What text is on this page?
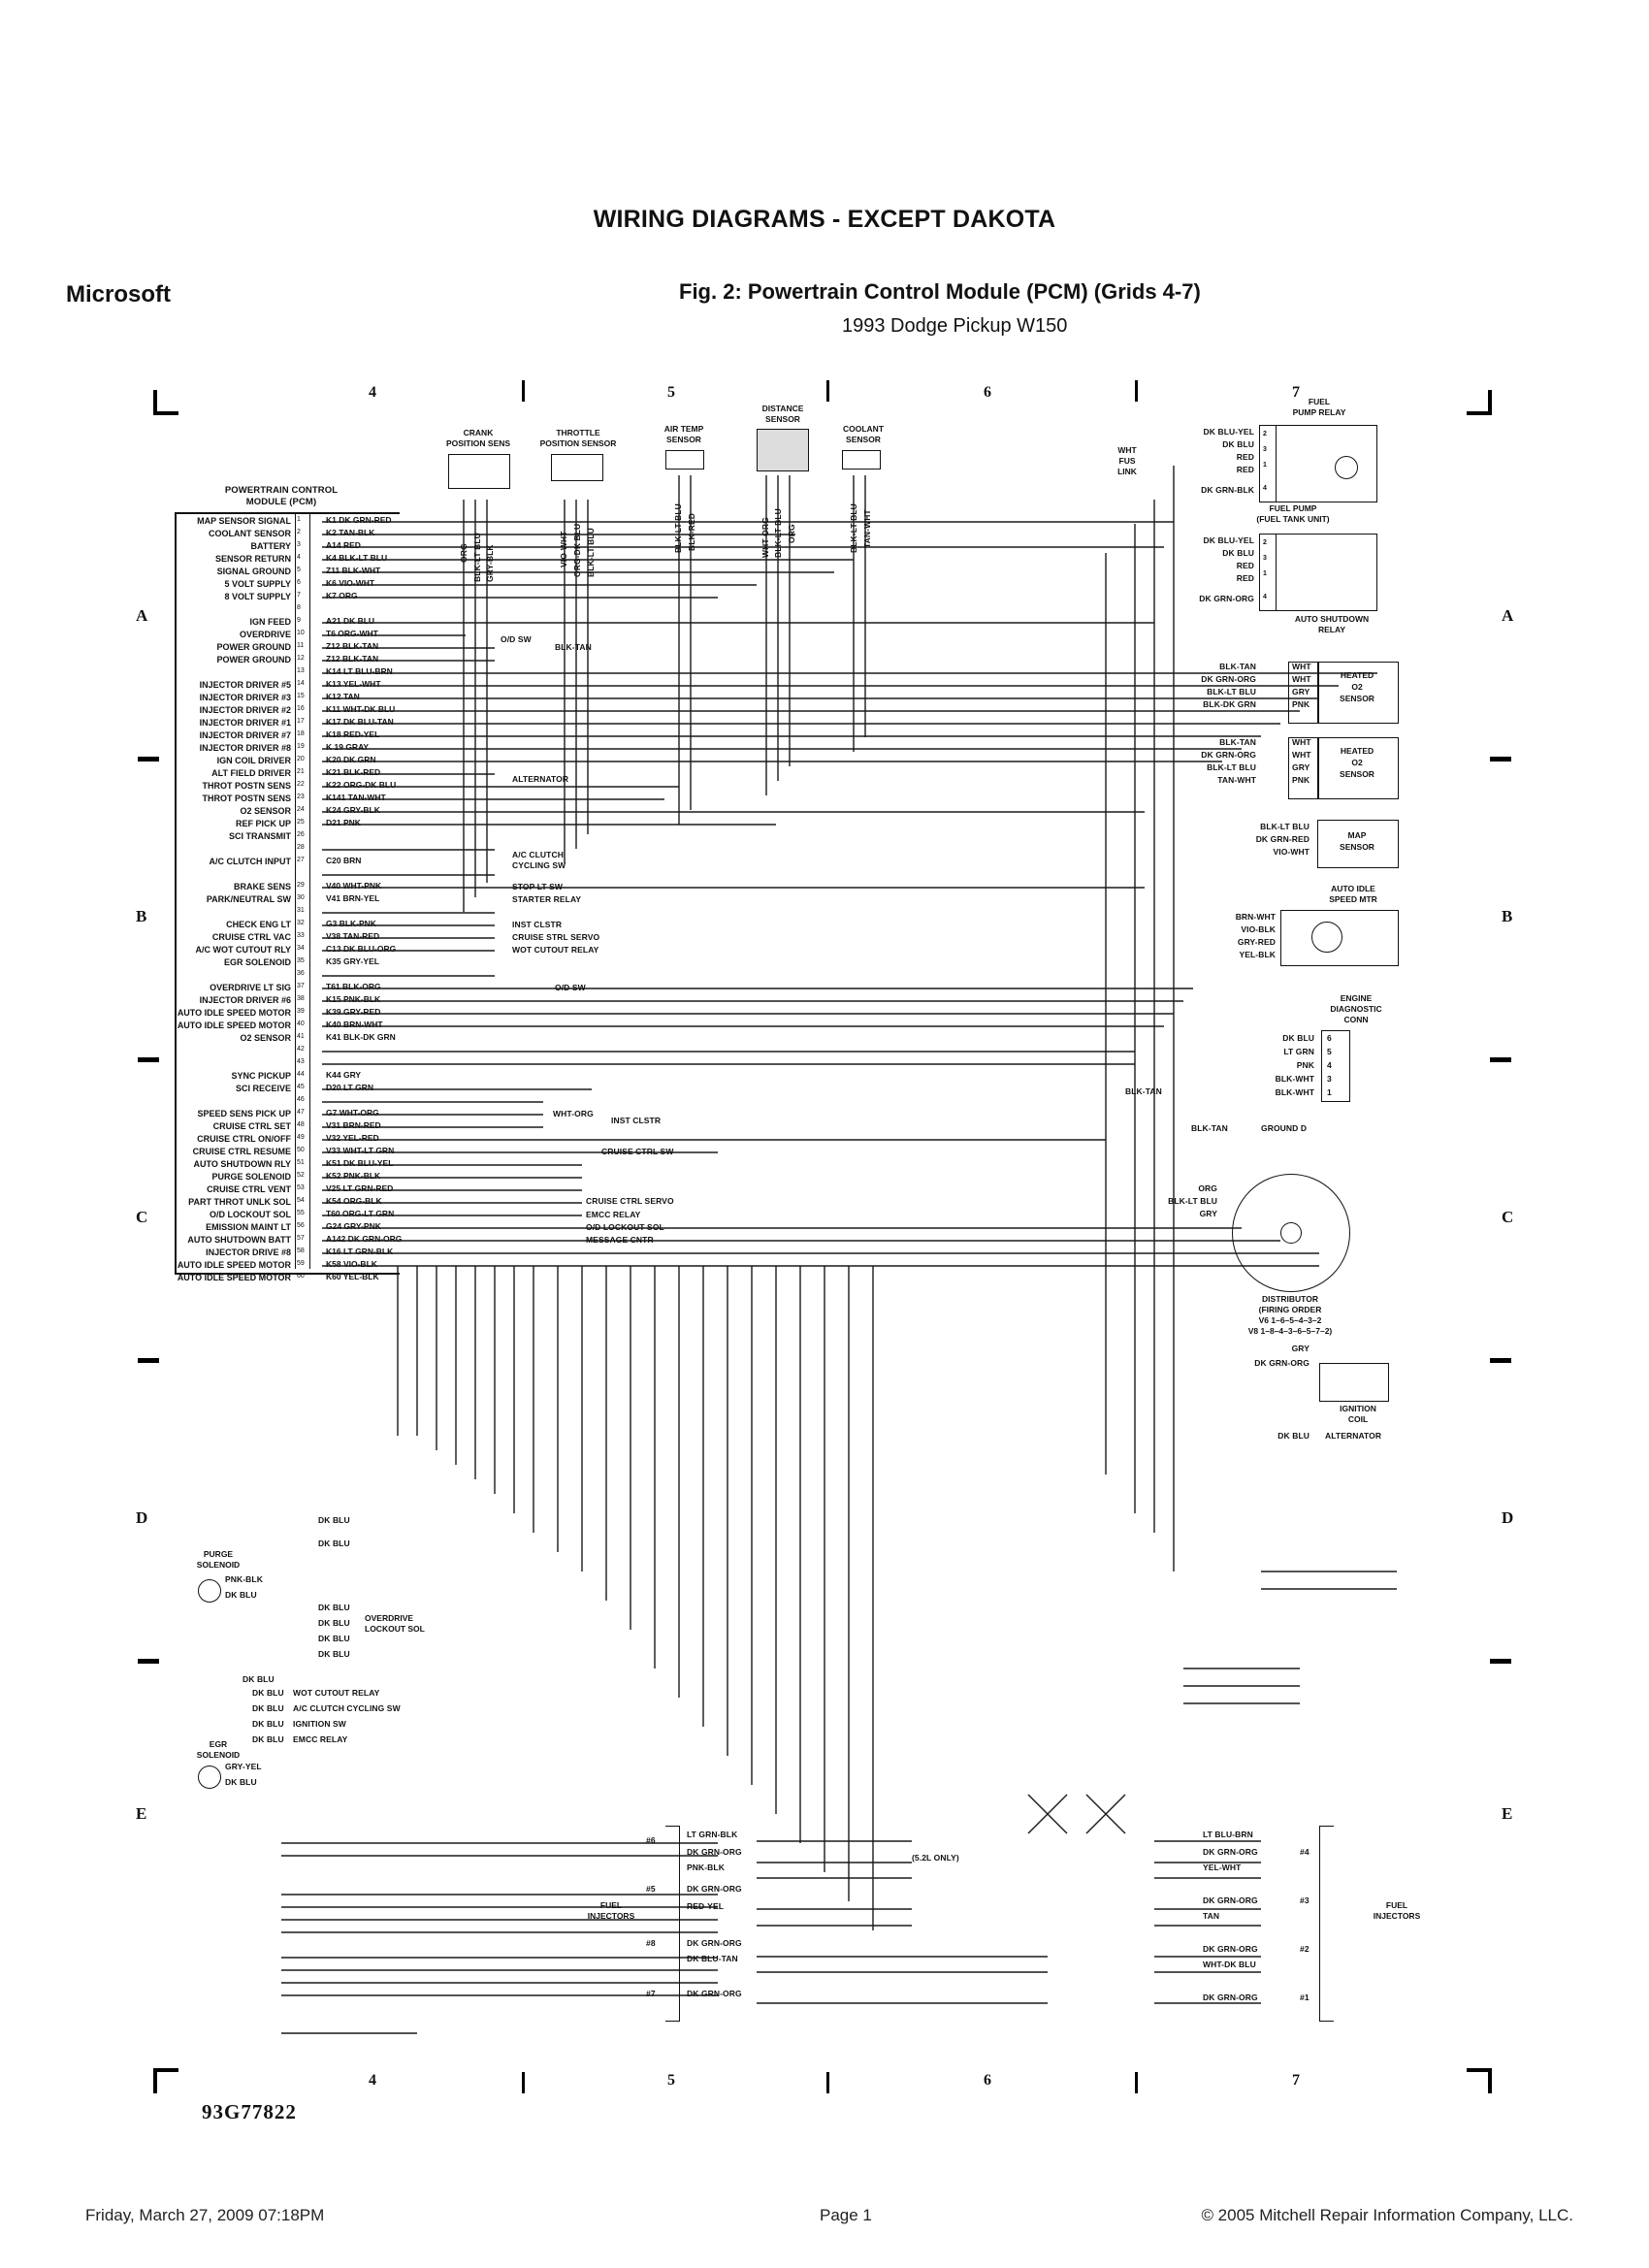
WIRING DIAGRAMS - EXCEPT DAKOTA
Microsoft	Fig. 2: Powertrain Control Module (PCM) (Grids 4-7)
1993 Dodge Pickup W150
4	5	6	7
4	5	6	7
A
B
C
D
E
A
B
C
D
E
POWERTRAIN CONTROL
MODULE (PCM)
MAP SENSOR SIGNAL 1	K1 DK GRN-RED
COOLANT SENSOR 2	K2 TAN-BLK
BATTERY 3	A14 RED
SENSOR RETURN 4	K4 BLK-LT BLU
SIGNAL GROUND 5	Z11 BLK-WHT
5 VOLT SUPPLY 6	K6 VIO-WHT
8 VOLT SUPPLY 7	K7 ORG
8
IGN FEED 9	A21 DK BLU
OVERDRIVE 10	T6 ORG-WHT
POWER GROUND 11	Z12 BLK-TAN
POWER GROUND 12	Z12 BLK-TAN
13	K14 LT BLU-BRN
INJECTOR DRIVER #5 14	K13 YEL-WHT
INJECTOR DRIVER #3 15	K12 TAN
INJECTOR DRIVER #2 16	K11 WHT-DK BLU
INJECTOR DRIVER #1 17	K17 DK BLU-TAN
INJECTOR DRIVER #7 18	K18 RED-YEL
INJECTOR DRIVER #8 19	K 19 GRAY
IGN COIL DRIVER 20	K20 DK GRN
ALT FIELD DRIVER 21	K21 BLK-RED
THROT POSTN SENS 22	K22 ORG-DK BLU
THROT POSTN SENS 23	K141 TAN-WHT
O2 SENSOR 24	K24 GRY-BLK
REF PICK UP 25	D21 PNK
SCI TRANSMIT 26
A/C CLUTCH INPUT 27	C20 BRN
28
BRAKE SENS 29	V40 WHT-PNK
PARK/NEUTRAL SW 30	V41 BRN-YEL
31
CHECK ENG LT 32	G3 BLK-PNK
CRUISE CTRL VAC 33	V38 TAN-RED
A/C WOT CUTOUT RLY 34	C13 DK BLU-ORG
EGR SOLENOID 35	K35 GRY-YEL
36
OVERDRIVE LT SIG 37	T61 BLK-ORG
INJECTOR DRIVER #6 38	K15 PNK-BLK
AUTO IDLE SPEED MOTOR 39	K39 GRY-RED
AUTO IDLE SPEED MOTOR 40	K40 BRN-WHT
O2 SENSOR 41	K41 BLK-DK GRN
42
43
SYNC PICKUP 44	K44 GRY
SCI RECEIVE 45	D20 LT GRN
46
SPEED SENS PICK UP 47	G7 WHT-ORG
CRUISE CTRL SET 48	V31 BRN-RED
CRUISE CTRL ON/OFF 49	V32 YEL-RED
CRUISE CTRL RESUME 50	V33 WHT-LT GRN
AUTO SHUTDOWN RLY 51	K51 DK BLU-YEL
PURGE SOLENOID 52	K52 PNK-BLK
CRUISE CTRL VENT 53	V25 LT GRN-RED
PART THROT UNLK SOL 54	K54 ORG-BLK
O/D LOCKOUT SOL 55	T60 ORG-LT GRN
EMISSION MAINT LT 56	G24 GRY-PNK
AUTO SHUTDOWN BATT 57	A142 DK GRN-ORG
INJECTOR DRIVE #8 58	K16 LT GRN-BLK
AUTO IDLE SPEED MOTOR 59	K58 VIO-BLK
AUTO IDLE SPEED MOTOR 60	K60 YEL-BLK
CRANK
POSITION SENS
ORG BLK-LT BLU GRY-BLK
THROTTLE
POSITION SENSOR
VIO-WHT ORG-DK BLU BLK-LT BLU
AIR TEMP
SENSOR
BLK-LT BLU BLK-RED
DISTANCE
SENSOR
WHT-ORG BLK-LT BLU ORG
COOLANT
SENSOR
BLK-LT BLU TAN-WHT
FUEL
PUMP RELAY
2
3
1
4
DK BLU-YEL
DK BLU
RED
RED
DK GRN-BLK
WHT
FUS
LINK
FUEL PUMP
(FUEL TANK UNIT)
2
3
1
4
DK BLU-YEL
DK BLU
RED
RED
DK GRN-ORG
AUTO SHUTDOWN
RELAY
HEATED
O2
SENSOR
BLK-TAN
DK GRN-ORG
BLK-LT BLU
BLK-DK GRN
WHT
WHT
GRY
PNK
HEATED
O2
SENSOR
BLK-TAN
DK GRN-ORG
BLK-LT BLU
TAN-WHT
WHT
WHT
GRY
PNK
MAP
SENSOR
BLK-LT BLU
DK GRN-RED
VIO-WHT
AUTO IDLE
SPEED MTR
BRN-WHT
VIO-BLK
GRY-RED
YEL-BLK
ENGINE
DIAGNOSTIC
CONN
6
5
4
3
1
DK BLU
LT GRN
PNK
BLK-WHT
BLK-WHT
BLK-TAN
BLK-TAN	GROUND D
DISTRIBUTOR
(FIRING ORDER
V6 1–6–5–4–3–2
V8 1–8–4–3–6–5–7–2)
ORG
BLK-LT BLU
GRY
IGNITION
COIL
GRY
DK GRN-ORG
DK BLU ALTERNATOR
O/D SW
BLK-TAN
ALTERNATOR
A/C CLUTCH
CYCLING SW
STOP LT SW
STARTER RELAY
INST CLSTR
CRUISE STRL SERVO
WOT CUTOUT RELAY
O/D SW
WHT-ORG
INST CLSTR
CRUISE CTRL SW
CRUISE CTRL SERVO
EMCC RELAY
O/D LOCKOUT SOL
MESSAGE CNTR
(5.2L ONLY)
PURGE
SOLENOID
PNK-BLK
DK BLU
DK BLU
DK BLU
DK BLU
DK BLU
DK BLU
DK BLU
OVERDRIVE
LOCKOUT SOL
DK BLU
DK BLU
DK BLU
DK BLU
DK BLU
WOT CUTOUT RELAY
A/C CLUTCH CYCLING SW
IGNITION SW
EMCC RELAY
EGR
SOLENOID
GRY-YEL
DK BLU
FUEL
INJECTORS
#6
LT GRN-BLK
DK GRN-ORG
PNK-BLK
#5	DK GRN-ORG
RED-YEL
#8	DK GRN-ORG
DK BLU-TAN
#7	DK GRN-ORG
FUEL
INJECTORS
LT BLU-BRN
DK GRN-ORG	#4
YEL-WHT
DK GRN-ORG	#3
TAN
DK GRN-ORG	#2
WHT-DK BLU
DK GRN-ORG	#1
93G77822
Friday, March 27, 2009 07:18PM	Page 1	© 2005 Mitchell Repair Information Company, LLC.
